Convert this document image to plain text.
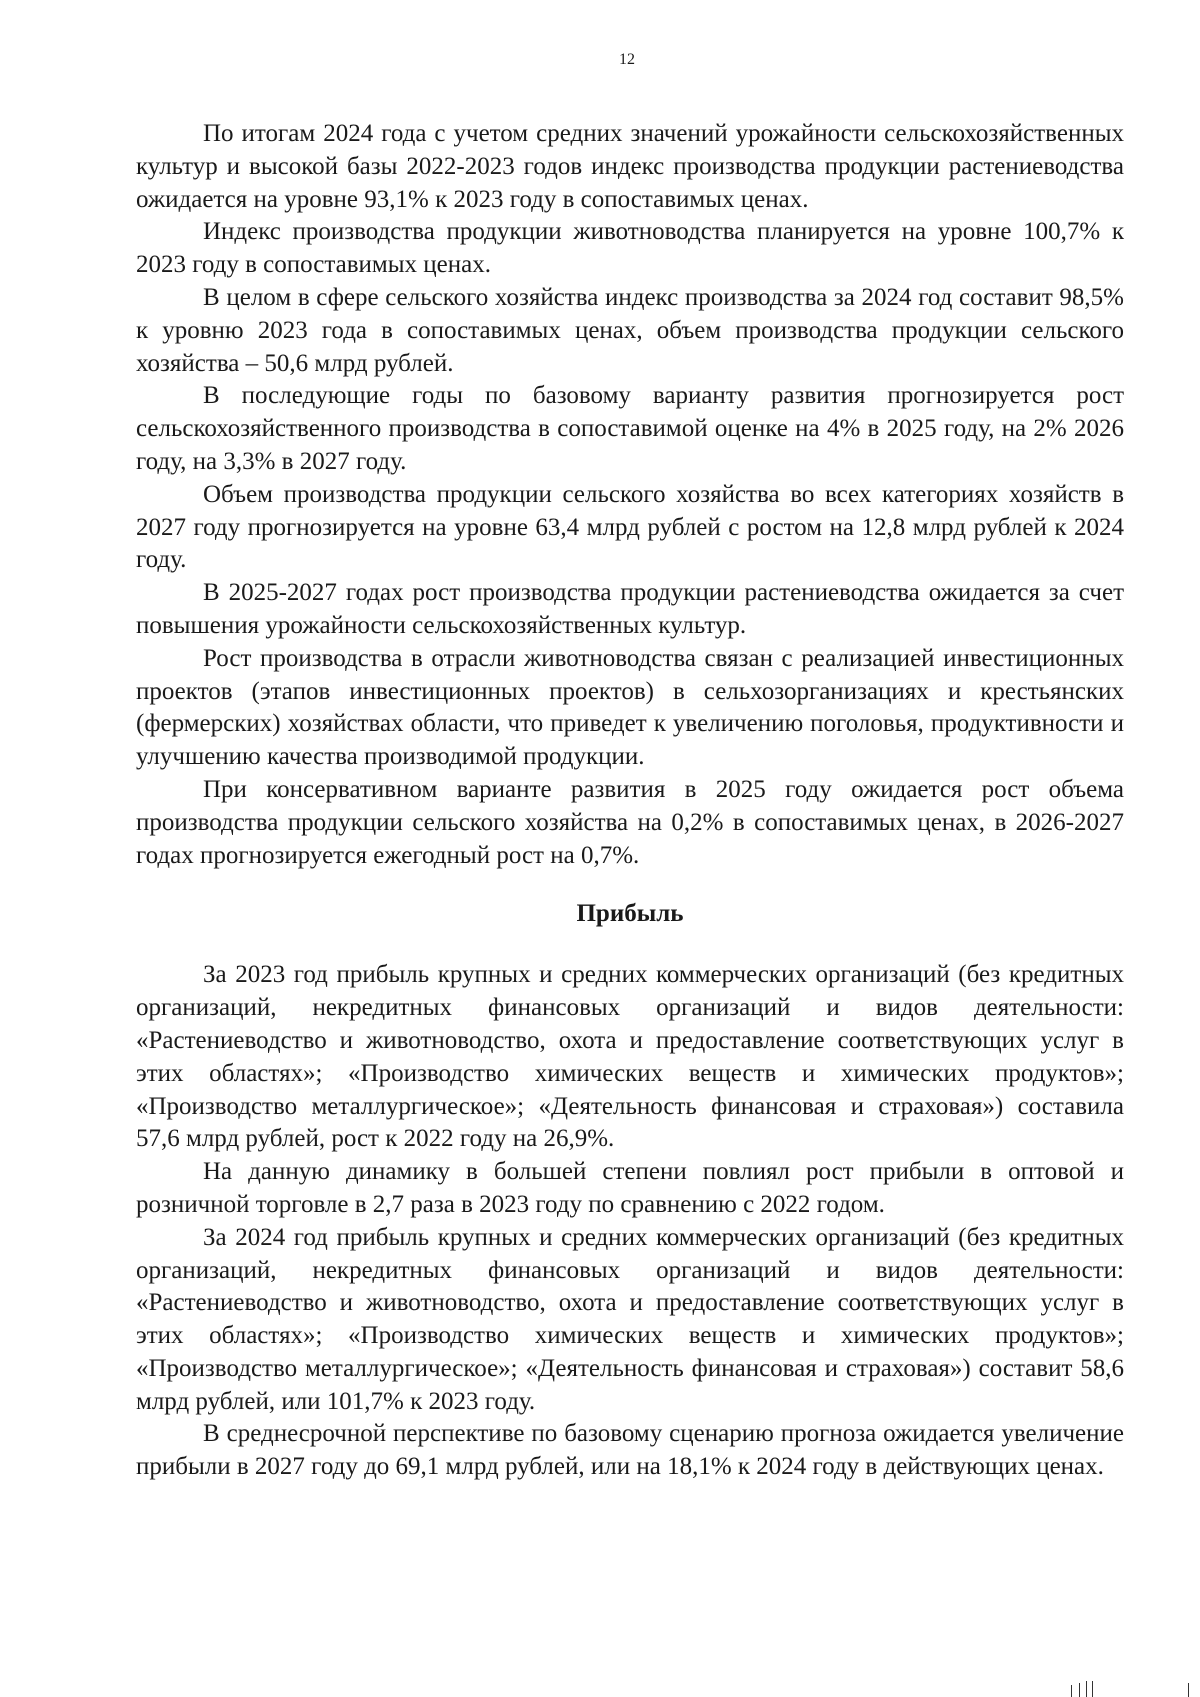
12

По итогам 2024 года с учетом средних значений урожайности сельскохозяйственных культур и высокой базы 2022-2023 годов индекс производства продукции растениеводства ожидается на уровне 93,1% к 2023 году в сопоставимых ценах.

Индекс производства продукции животноводства планируется на уровне 100,7% к 2023 году в сопоставимых ценах.

В целом в сфере сельского хозяйства индекс производства за 2024 год составит 98,5% к уровню 2023 года в сопоставимых ценах, объем производства продукции сельского хозяйства – 50,6 млрд рублей.

В последующие годы по базовому варианту развития прогнозируется рост сельскохозяйственного производства в сопоставимой оценке на 4% в 2025 году, на 2% 2026 году, на 3,3% в 2027 году.

Объем производства продукции сельского хозяйства во всех категориях хозяйств в 2027 году прогнозируется на уровне 63,4 млрд рублей с ростом на 12,8 млрд рублей к 2024 году.

В 2025-2027 годах рост производства продукции растениеводства ожидается за счет повышения урожайности сельскохозяйственных культур.

Рост производства в отрасли животноводства связан с реализацией инвестиционных проектов (этапов инвестиционных проектов) в сельхозорганизациях и крестьянских (фермерских) хозяйствах области, что приведет к увеличению поголовья, продуктивности и улучшению качества производимой продукции.

При консервативном варианте развития в 2025 году ожидается рост объема производства продукции сельского хозяйства на 0,2% в сопоставимых ценах, в 2026-2027 годах прогнозируется ежегодный рост на 0,7%.

Прибыль

За 2023 год прибыль крупных и средних коммерческих организаций (без кредитных организаций, некредитных финансовых организаций и видов деятельности: «Растениеводство и животноводство, охота и предоставление соответствующих услуг в этих областях»; «Производство химических веществ и химических продуктов»; «Производство металлургическое»; «Деятельность финансовая и страховая») составила 57,6 млрд рублей, рост к 2022 году на 26,9%.

На данную динамику в большей степени повлиял рост прибыли в оптовой и розничной торговле в 2,7 раза в 2023 году по сравнению с 2022 годом.

За 2024 год прибыль крупных и средних коммерческих организаций (без кредитных организаций, некредитных финансовых организаций и видов деятельности: «Растениеводство и животноводство, охота и предоставление соответствующих услуг в этих областях»; «Производство химических веществ и химических продуктов»; «Производство металлургическое»; «Деятельность финансовая и страховая») составит 58,6 млрд рублей, или 101,7% к 2023 году.

В среднесрочной перспективе по базовому сценарию прогноза ожидается увеличение прибыли в 2027 году до 69,1 млрд рублей, или на 18,1% к 2024 году в действующих ценах.
